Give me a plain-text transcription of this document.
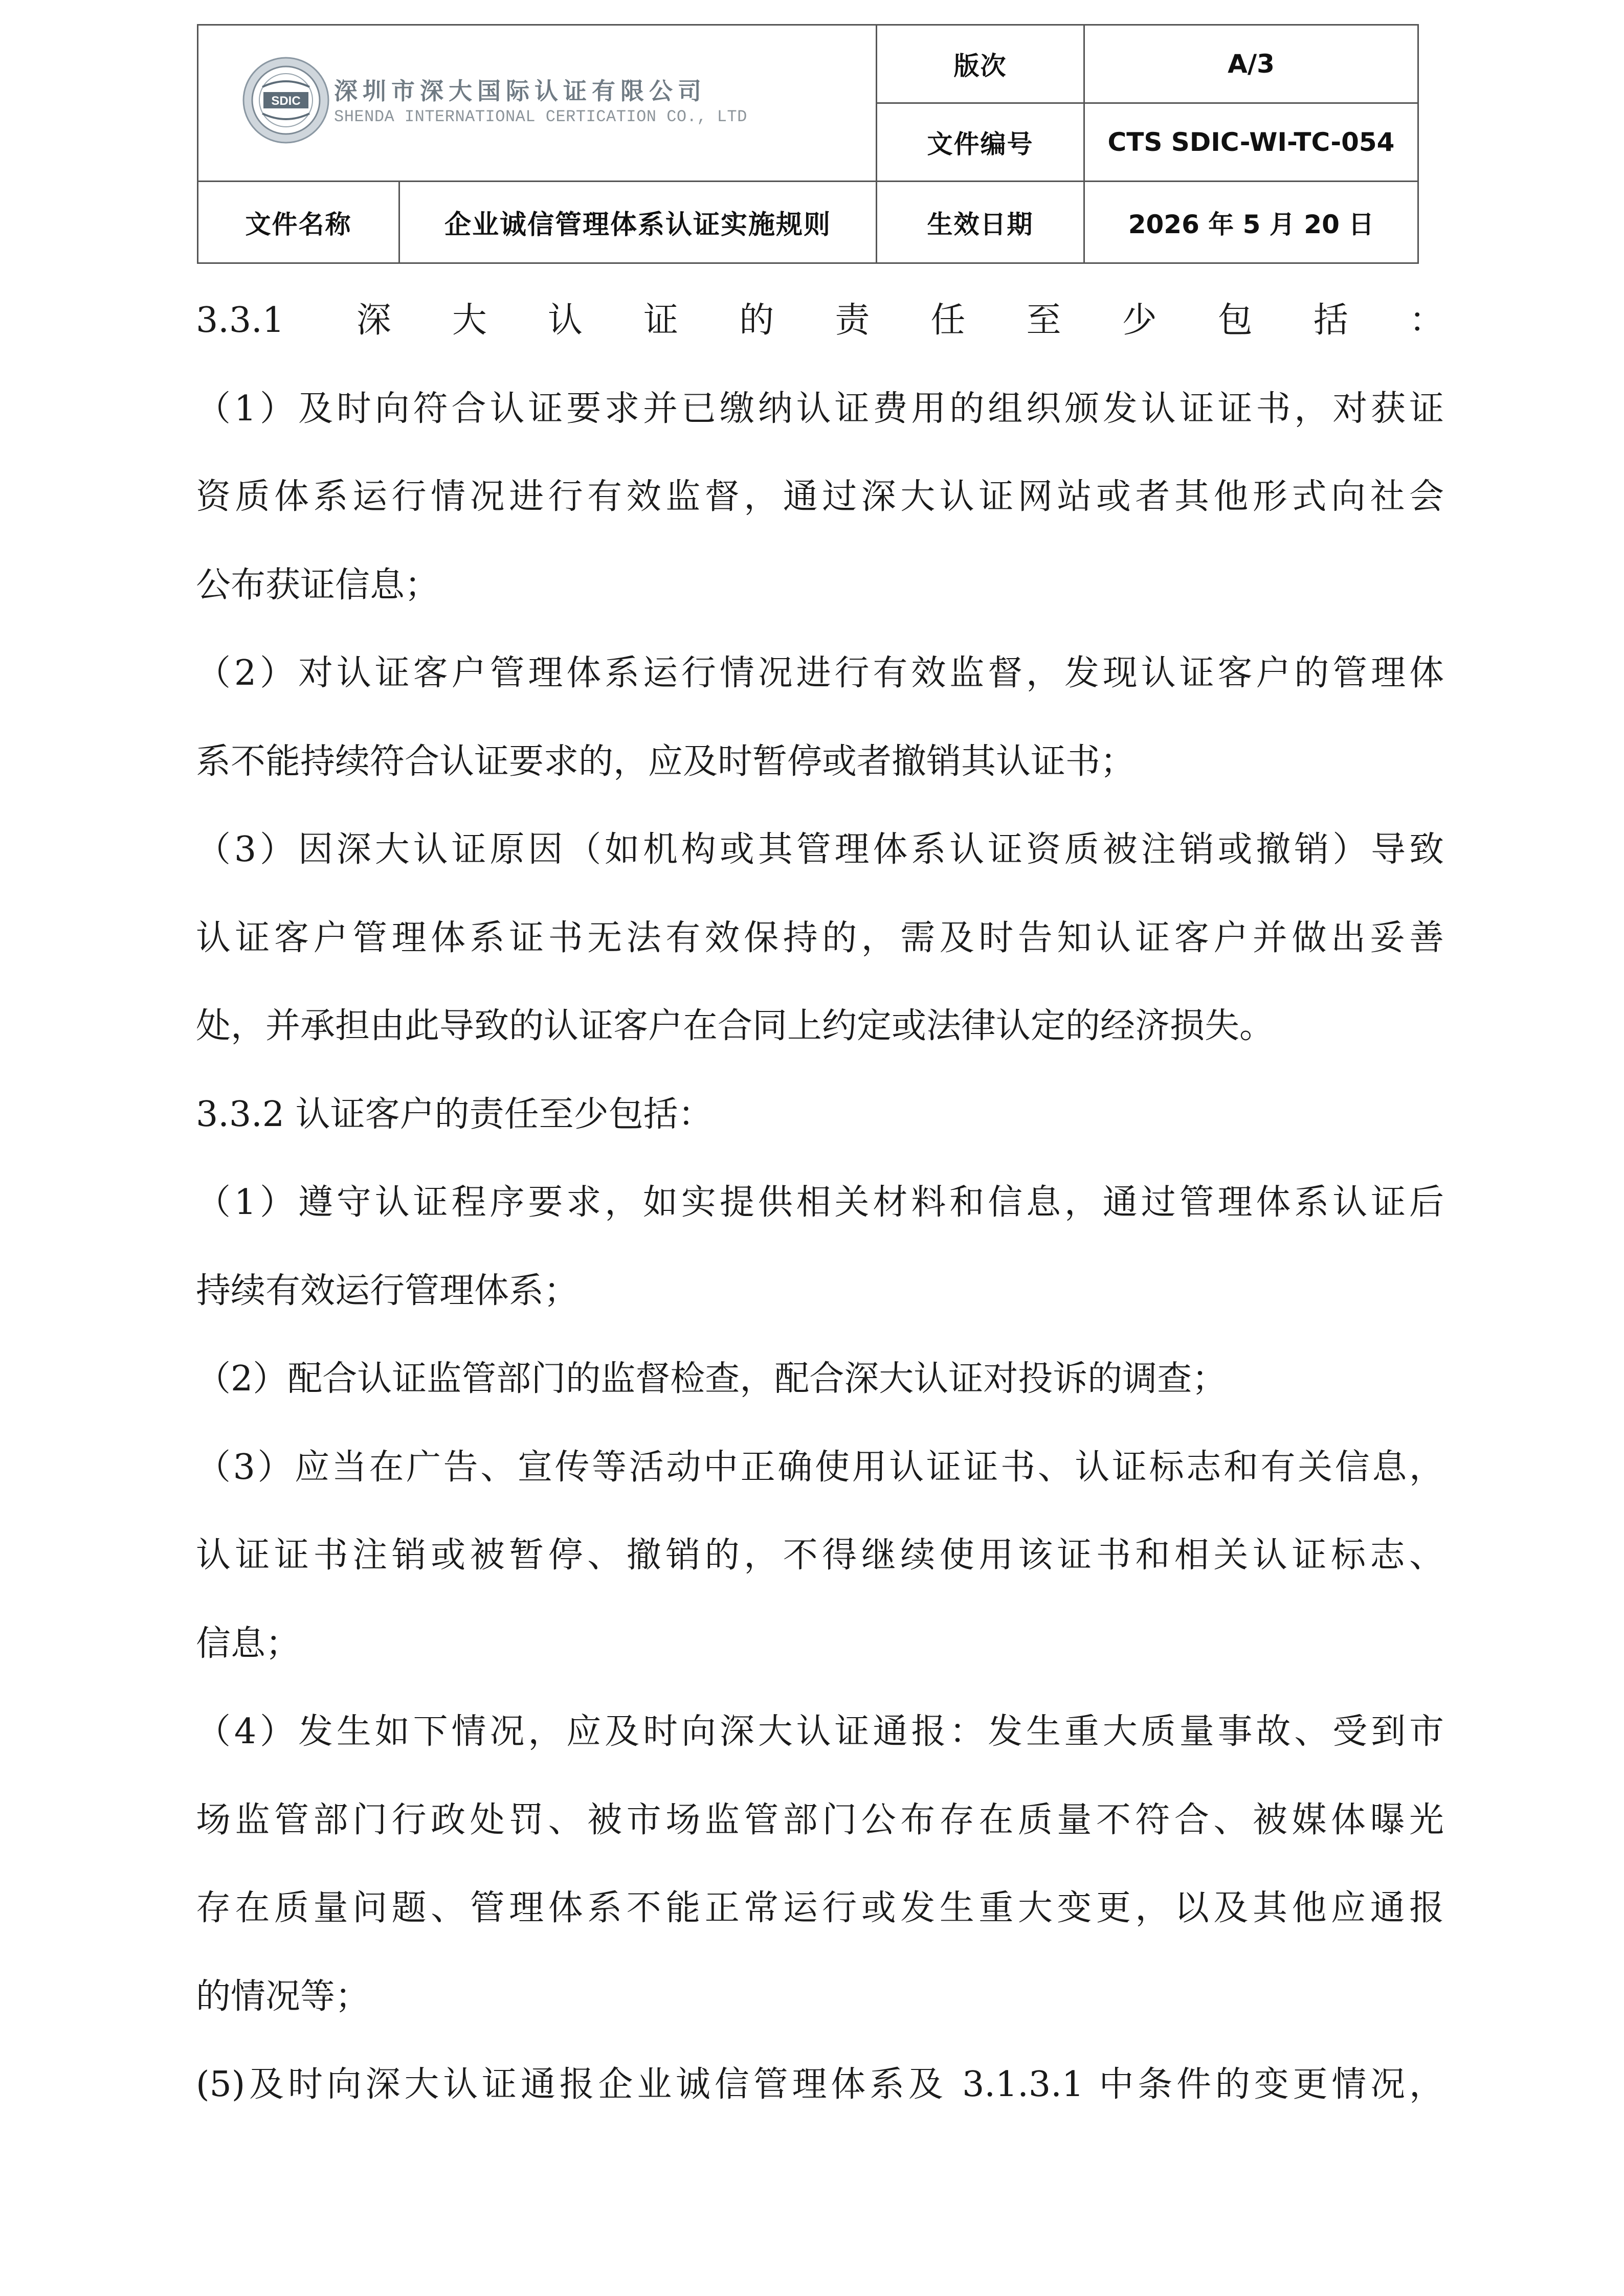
SDIC 深圳市深大国际认证有限公司
SHENDA INTERNATIONAL CERTICATION CO., LTD		版次	A/3
		文件编号	CTS SDIC-WI-TC-054
文件名称	企业诚信管理体系认证实施规则	生效日期	2026 年 5 月 20 日

3.3.1 深大认证的责任至少包括：

（1）及时向符合认证要求并已缴纳认证费用的组织颁发认证证书，对获证

资质体系运行情况进行有效监督，通过深大认证网站或者其他形式向社会

公布获证信息；

（2）对认证客户管理体系运行情况进行有效监督，发现认证客户的管理体

系不能持续符合认证要求的，应及时暂停或者撤销其认证书；

（3）因深大认证原因（如机构或其管理体系认证资质被注销或撤销）导致

认证客户管理体系证书无法有效保持的，需及时告知认证客户并做出妥善

处，并承担由此导致的认证客户在合同上约定或法律认定的经济损失。

3.3.2 认证客户的责任至少包括：

（1）遵守认证程序要求，如实提供相关材料和信息，通过管理体系认证后

持续有效运行管理体系；

（2）配合认证监管部门的监督检查，配合深大认证对投诉的调查；

（3）应当在广告、宣传等活动中正确使用认证证书、认证标志和有关信息，

认证证书注销或被暂停、撤销的，不得继续使用该证书和相关认证标志、

信息；

（4）发生如下情况，应及时向深大认证通报：发生重大质量事故、受到市

场监管部门行政处罚、被市场监管部门公布存在质量不符合、被媒体曝光

存在质量问题、管理体系不能正常运行或发生重大变更，以及其他应通报

的情况等；

(5)及时向深大认证通报企业诚信管理体系及 3.1.3.1 中条件的变更情况，
